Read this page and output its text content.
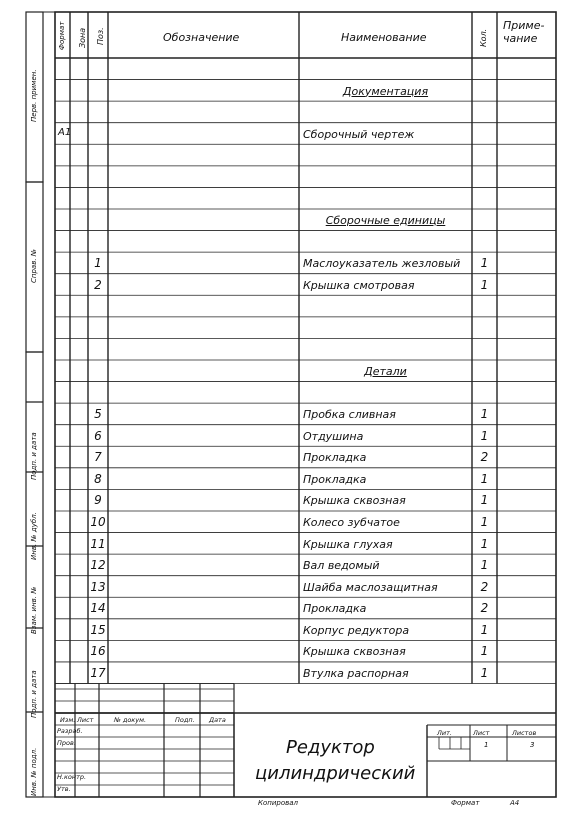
Перв. примен.
Справ. №
Подп. и дата
Инв. № дубл.
Взам. инв. №
Подп. и дата
Инв. № подл.
Формат Зона Поз.	Обозначение	Наименование	Кол.
Приме-
чание
Документация
А1	Сборочный чертеж
Сборочные единицы
1	Маслоуказатель жезловый	1
2	Крышка смотровая	1
Детали
5	Пробка сливная	1
6	Отдушина	1
7	Прокладка	2
8	Прокладка	1
9	Крышка сквозная	1
10	Колесо зубчатое	1
11	Крышка глухая	1
12	Вал ведомый	1
13	Шайба маслозащитная	2
14	Прокладка	2
15	Корпус редуктора	1
16	Крышка сквозная	1
17	Втулка распорная	1
Изм. Лист	№ докум.	Подп. Дата
Разраб.
Пров.
Н.контр.
Утв.
Редуктор
цилиндрический
Лит.	Лист	Листов
1	3
Копировал	Формат	А4
